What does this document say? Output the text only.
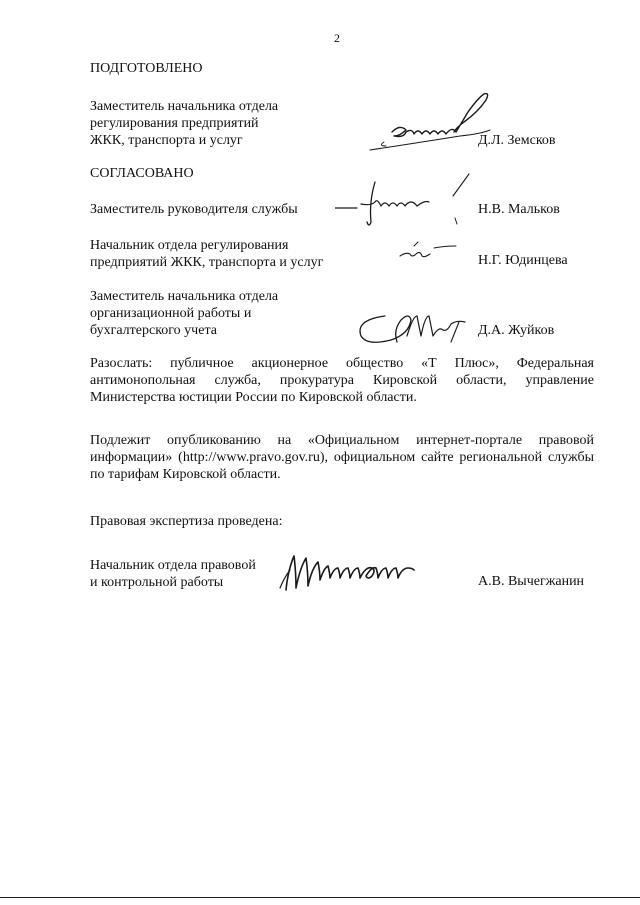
2
ПОДГОТОВЛЕНО
Заместитель начальника отдела
регулирования предприятий
ЖКК, транспорта и услуг	Д.Л. Земсков
СОГЛАСОВАНО
Заместитель руководителя службы	Н.В. Мальков
Начальник отдела регулирования
предприятий ЖКК, транспорта и услуг	Н.Г. Юдинцева
Заместитель начальника отдела
организационной работы и
бухгалтерского учета	Д.А. Жуйков
Разослать: публичное акционерное общество «Т Плюс», Федеральная антимонопольная служба, прокуратура Кировской области, управление Министерства юстиции России по Кировской области.
Подлежит опубликованию на «Официальном интернет-портале правовой информации» (http://www.pravo.gov.ru), официальном сайте региональной службы по тарифам Кировской области.
Правовая экспертиза проведена:
Начальник отдела правовой
и контрольной работы	А.В. Вычегжанин
